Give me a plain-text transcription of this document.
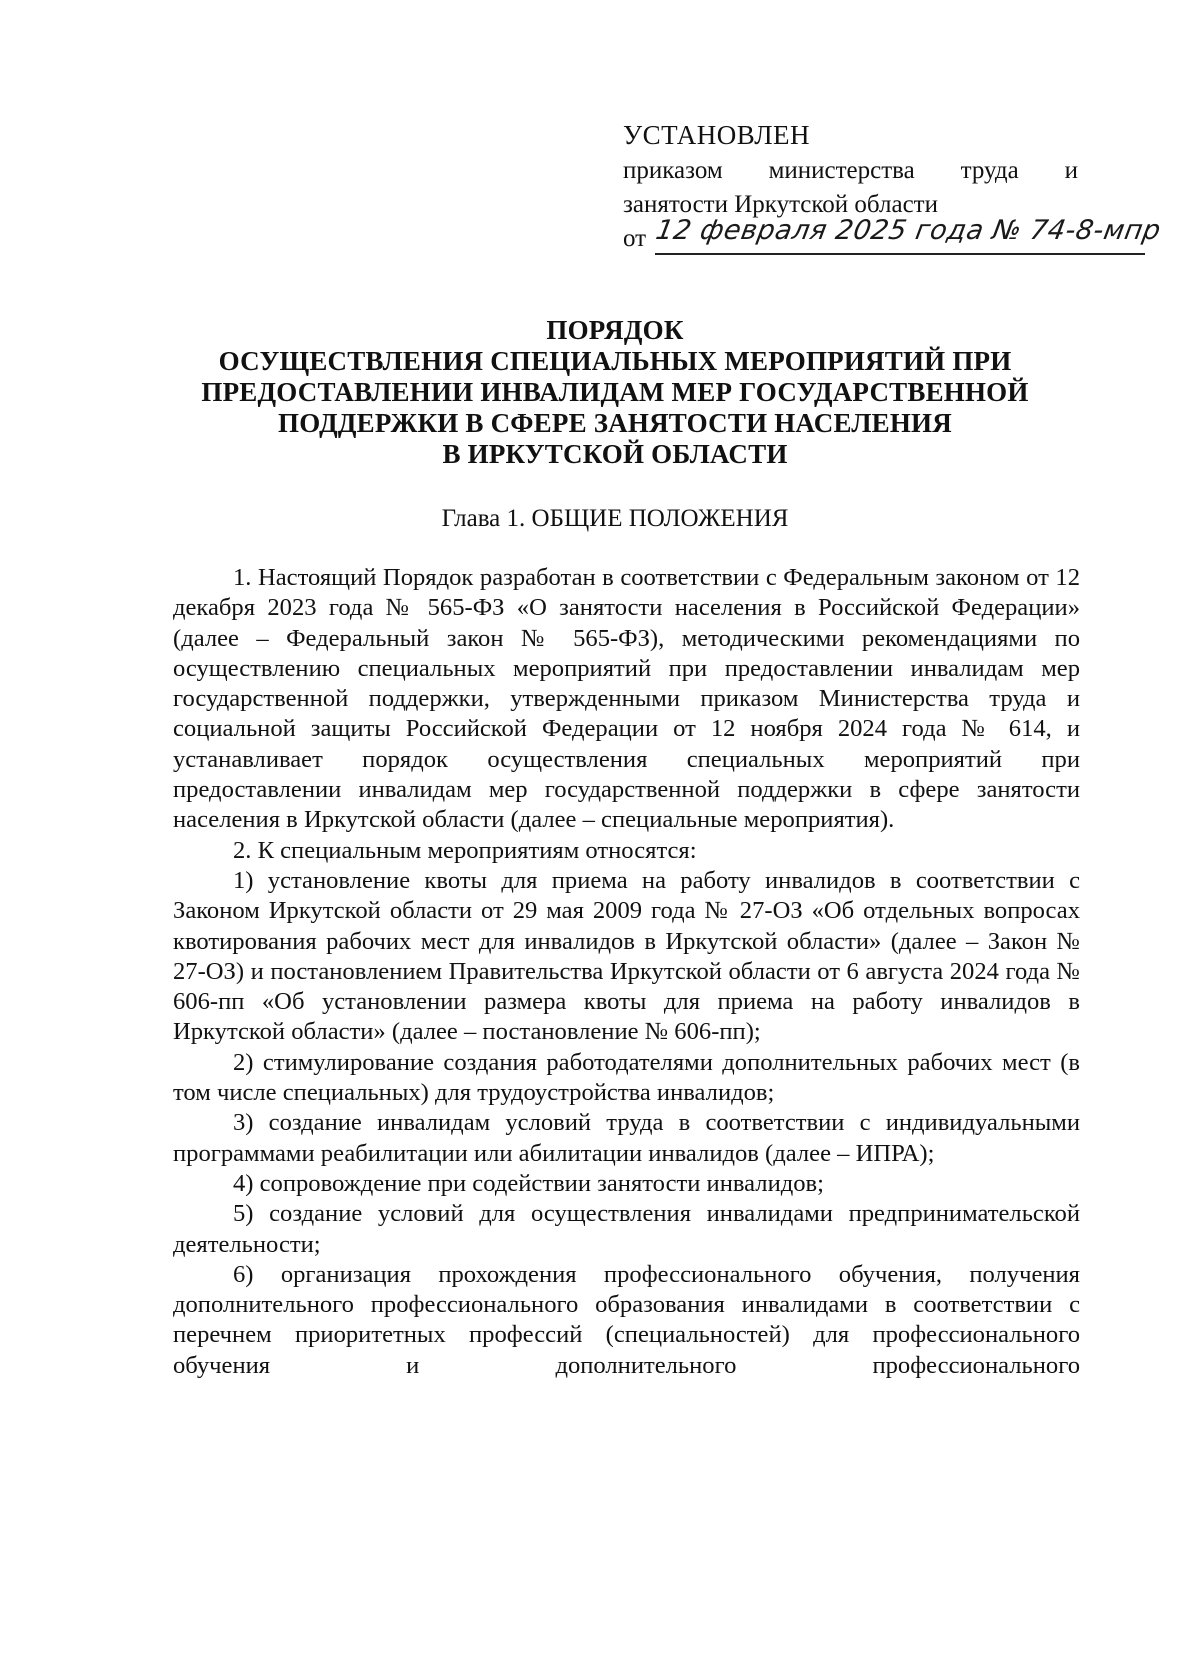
УСТАНОВЛЕН
приказом министерства труда и
занятости Иркутской области
от 12 февраля 2025 года № 74-8-мпр
ПОРЯДОК
ОСУЩЕСТВЛЕНИЯ СПЕЦИАЛЬНЫХ МЕРОПРИЯТИЙ ПРИ
ПРЕДОСТАВЛЕНИИ ИНВАЛИДАМ МЕР ГОСУДАРСТВЕННОЙ
ПОДДЕРЖКИ В СФЕРЕ ЗАНЯТОСТИ НАСЕЛЕНИЯ
В ИРКУТСКОЙ ОБЛАСТИ
Глава 1. ОБЩИЕ ПОЛОЖЕНИЯ

1. Настоящий Порядок разработан в соответствии с Федеральным законом от 12 декабря 2023 года № 565-ФЗ «О занятости населения в Российской Федерации» (далее – Федеральный закон № 565-ФЗ), методическими рекомендациями по осуществлению специальных мероприятий при предоставлении инвалидам мер государственной поддержки, утвержденными приказом Министерства труда и социальной защиты Российской Федерации от 12 ноября 2024 года № 614, и устанавливает порядок осуществления специальных мероприятий при предоставлении инвалидам мер государственной поддержки в сфере занятости населения в Иркутской области (далее – специальные мероприятия).

2. К специальным мероприятиям относятся:

1) установление квоты для приема на работу инвалидов в соответствии с Законом Иркутской области от 29 мая 2009 года № 27-ОЗ «Об отдельных вопросах квотирования рабочих мест для инвалидов в Иркутской области» (далее – Закон № 27-ОЗ) и постановлением Правительства Иркутской области от 6 августа 2024 года № 606-пп «Об установлении размера квоты для приема на работу инвалидов в Иркутской области» (далее – постановление № 606-пп);

2) стимулирование создания работодателями дополнительных рабочих мест (в том числе специальных) для трудоустройства инвалидов;

3) создание инвалидам условий труда в соответствии с индивидуальными программами реабилитации или абилитации инвалидов (далее – ИПРА);

4) сопровождение при содействии занятости инвалидов;

5) создание условий для осуществления инвалидами предпринимательской деятельности;

6) организация прохождения профессионального обучения, получения дополнительного профессионального образования инвалидами в соответствии с перечнем приоритетных профессий (специальностей) для профессионального обучения и дополнительного профессионального
